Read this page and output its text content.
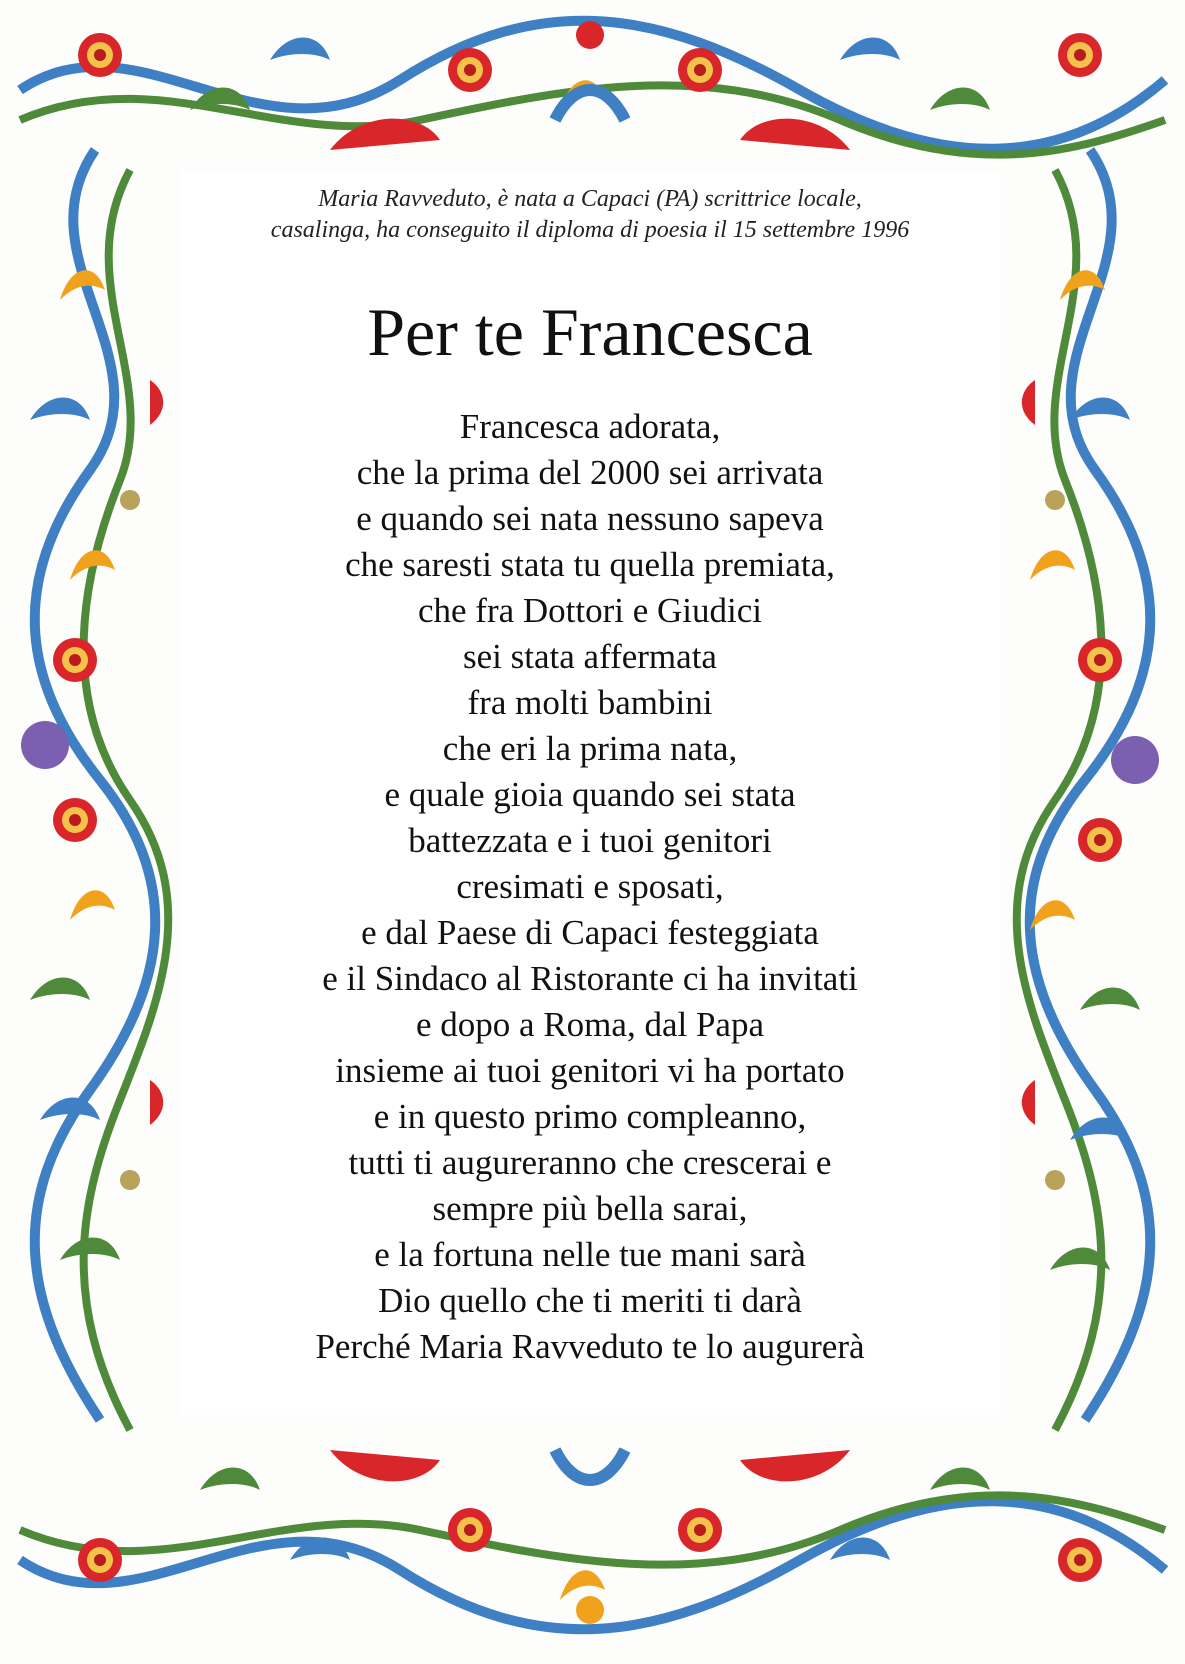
Maria Ravveduto, è nata a Capaci (PA) scrittrice locale,
casalinga, ha conseguito il diploma di poesia il 15 settembre 1996
Per te Francesca
Francesca adorata,
che la prima del 2000 sei arrivata
e quando sei nata nessuno sapeva
che saresti stata tu quella premiata,
che fra Dottori e Giudici
sei stata affermata
fra molti bambini
che eri la prima nata,
e quale gioia quando sei stata
battezzata e i tuoi genitori
cresimati e sposati,
e dal Paese di Capaci festeggiata
e il Sindaco al Ristorante ci ha invitati
e dopo a Roma, dal Papa
insieme ai tuoi genitori vi ha portato
e in questo primo compleanno,
tutti ti augureranno che crescerai e
sempre più bella sarai,
e la fortuna nelle tue mani sarà
Dio quello che ti meriti ti darà
Perché Maria Ravveduto te lo augurerà
